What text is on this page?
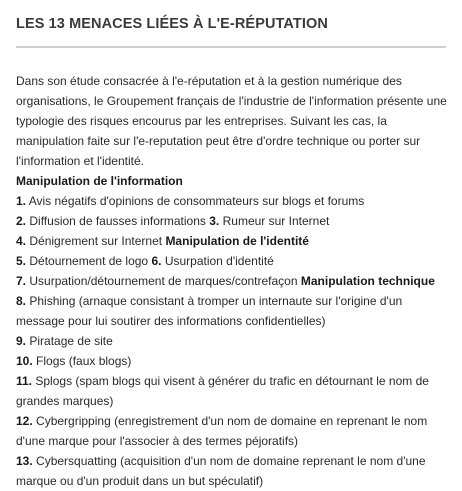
LES 13 MENACES LIÉES À L'E-RÉPUTATION

Dans son étude consacrée à l'e-réputation et à la gestion numérique des organisations, le Groupement français de l'industrie de l'information présente une typologie des risques encourus par les entreprises. Suivant les cas, la manipulation faite sur l'e-reputation peut être d'ordre technique ou porter sur l'information et l'identité.

Manipulation de l'information

1. Avis négatifs d'opinions de consommateurs sur blogs et forums
2. Diffusion de fausses informations 3. Rumeur sur Internet
4. Dénigrement sur Internet Manipulation de l'identité
5. Détournement de logo 6. Usurpation d'identité
7. Usurpation/détournement de marques/contrefaçon Manipulation technique
8. Phishing (arnaque consistant à tromper un internaute sur l'origine d'un message pour lui soutirer des informations confidentielles)
9. Piratage de site
10. Flogs (faux blogs)
11. Splogs (spam blogs qui visent à générer du trafic en détournant le nom de grandes marques)
12. Cybergripping (enregistrement d'un nom de domaine en reprenant le nom d'une marque pour l'associer à des termes péjoratifs)
13. Cybersquatting (acquisition d'un nom de domaine reprenant le nom d'une marque ou d'un produit dans un but spéculatif)
